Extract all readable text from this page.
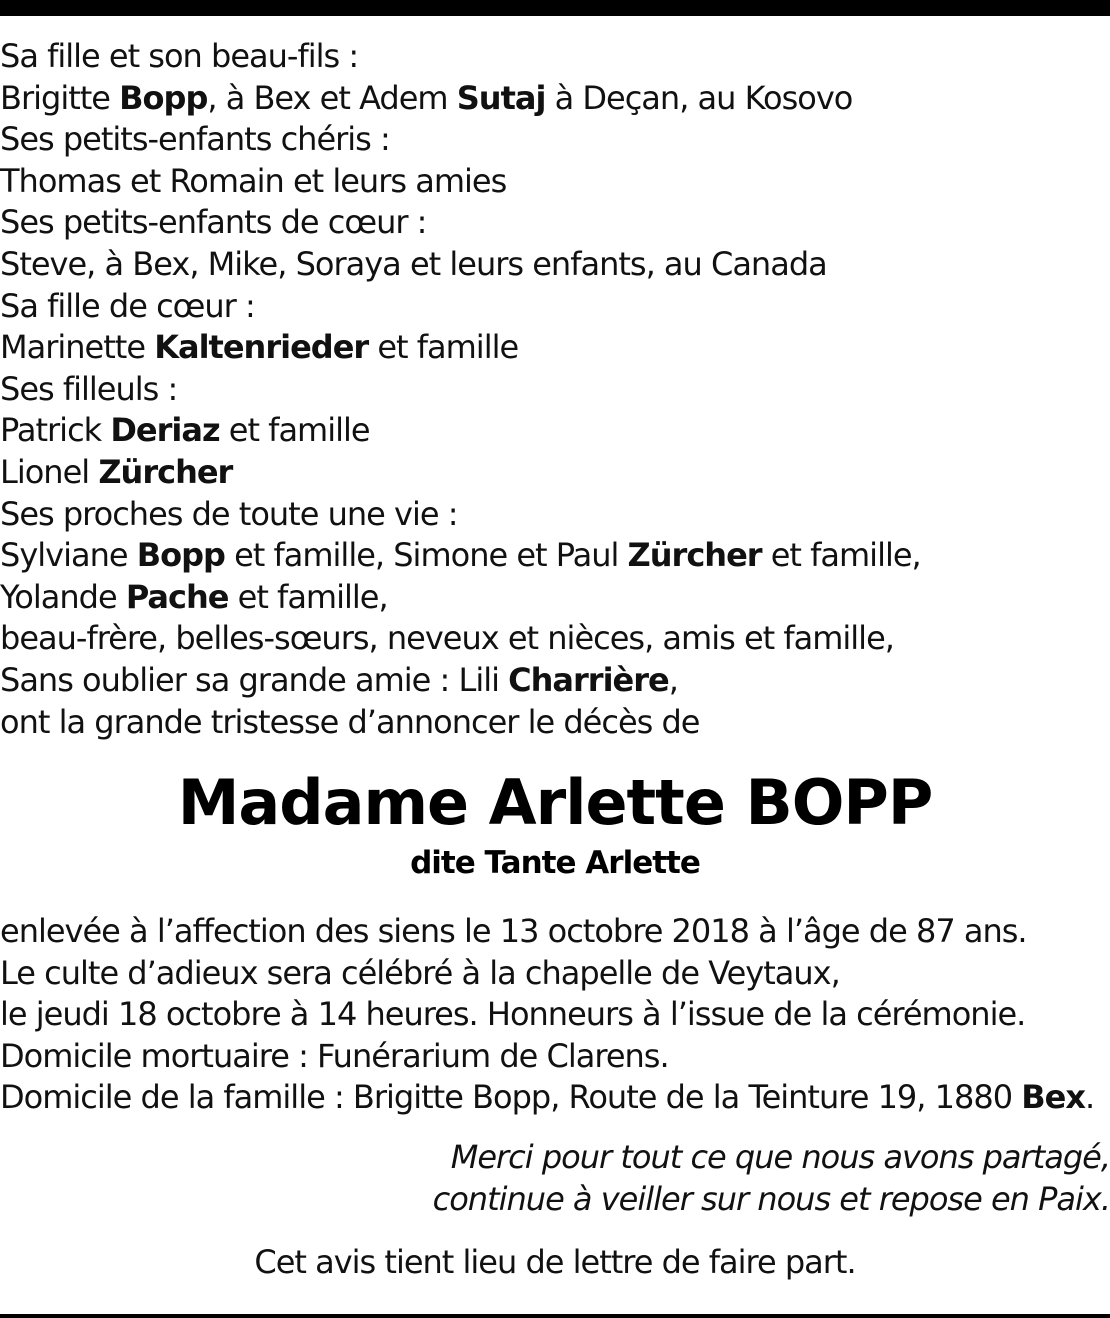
Sa fille et son beau-fils :
Brigitte Bopp, à Bex et Adem Sutaj à Deçan, au Kosovo
Ses petits-enfants chéris :
Thomas et Romain et leurs amies
Ses petits-enfants de cœur :
Steve, à Bex, Mike, Soraya et leurs enfants, au Canada
Sa fille de cœur :
Marinette Kaltenrieder et famille
Ses filleuls :
Patrick Deriaz et famille
Lionel Zürcher
Ses proches de toute une vie :
Sylviane Bopp et famille, Simone et Paul Zürcher et famille,
Yolande Pache et famille,
beau-frère, belles-sœurs, neveux et nièces, amis et famille,
Sans oublier sa grande amie : Lili Charrière,
ont la grande tristesse d’annoncer le décès de
Madame Arlette BOPP
dite Tante Arlette
enlevée à l’affection des siens le 13 octobre 2018 à l’âge de 87 ans.
Le culte d’adieux sera célébré à la chapelle de Veytaux,
le jeudi 18 octobre à 14 heures. Honneurs à l’issue de la cérémonie.
Domicile mortuaire : Funérarium de Clarens.
Domicile de la famille : Brigitte Bopp, Route de la Teinture 19, 1880 Bex.
Merci pour tout ce que nous avons partagé,
continue à veiller sur nous et repose en Paix.
Cet avis tient lieu de lettre de faire part.
